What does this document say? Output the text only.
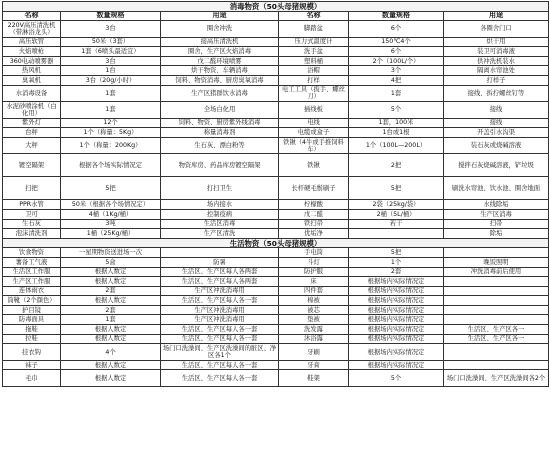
消毒物资（50头母猪规模）					
名称	数量规格	用途	名称	数量规格	用途
220V高压清洗机（带淋浴龙头）	3台	圈舍冲洗	脚踏盆	6个	各圈舍门口
高压软管	50米（3套）	接高压清洗机	压力式温度计	150℃4个	烘干用
火焰喷枪	1套（6喷头最适宜）	圈舍，生产区火焰消毒	洗手盆	6个	装卫可消毒液
360电动喷雾器	3台	戊二醛环境喷雾	塑料桶	2个（100L/个）	供冲洗机装水
热风机	1台	烘干物资、车辆消毒	浴帽	3个	隔离水帘池处
臭氧机	3台（20g/小时）	饲料、物资消毒、厨房臭氧消毒	打样	4把	打样子
水消毒设备	1套	生产区猪群饮水消毒	电工工具（扳手、螺丝刀）	1套	接线、拆拧螺丝钉等
水泥砂喷涂机（白化用）	1套	全场白化用	插线板	5个	接线
紫外灯	12个	饲料、物资、厨房紫外线消毒	电线	1套，100米	接线
台秤	1个（称量：5Kg）	称量消毒剂	电缆或盒子	1台或1根	开盖引水沟渠
大秤	1个（称量：200Kg）	生石灰、漂白粉等	铁锹（4牛或手推饲料车）	1个（100L—200L）	装石灰或烧碱溶液
镀空隔架	根据各个场实际情况定	物资库房、药品库房镀空隔架	铁锹	2把	搅拌石灰烧碱溶液，铲垃圾
扫把	5把	打扫卫生	长杆硬毛鬃刷子	5把	刷洗水帘池、饮水池、圈舍地面
PPR水管	50米（根据各个场情况定）	场内接水	柠檬酸	2袋（25kg/袋）	水线除垢
卫可	4桶（1Kg/桶）	控制疫病	戊二醛	2桶（5L/桶）	生产区消毒
生石灰	3吨	生活区消毒	铁扫帚	若干	扫帚
泡沫清洗剂	1桶（25Kg/桶）	生产区清洗	优垢净		除垢
生活物资（50头母猪规模）					
饮食物资	一星期物资送进场一次		手电筒	5把	
薯备工气液	5盒	防暑	斗灯	1个	晚饭照明
生活区工作服	根据人数定	生活区、生产区每人各两套	防护服	2套	冲洗消毒前后使用
生产区工作服	根据人数定	生活区、生产区每人各两套	床	根据场内实际情况定	
连体雨衣	2套	生产区冲洗消毒用	四件套	根据场内实际情况定	
筒靴（2个颜色）	根据人数定	生活区、生产区每人各一套	棉被	根据场内实际情况定	
护目镜	2套	生产区冲洗消毒用	被芯	根据场内实际情况定	
防毒面具	1套	生产区冲洗消毒用	垫被	根据场内实际情况定	
拖鞋	根据人数定	生活区、生产区每人各一套	洗发露	根据场内实际情况定	生活区、生产区各一
拉鞋	根据人数定	生活区、生产区每人各一套	沐浴露	根据场内实际情况定	生活区、生产区各一
挂衣钩	4个	场门口洗澡间、生产区洗澡间的脏区、净区各1个	牙刷	根据场内实际情况定	
袜子	根据人数定	生活区、生产区每人各一套	牙膏	根据场内实际情况定	
毛巾	根据人数定	生活区、生产区每人各一套	鞋架	5个	场门口洗澡间、生产区洗澡间各2个
